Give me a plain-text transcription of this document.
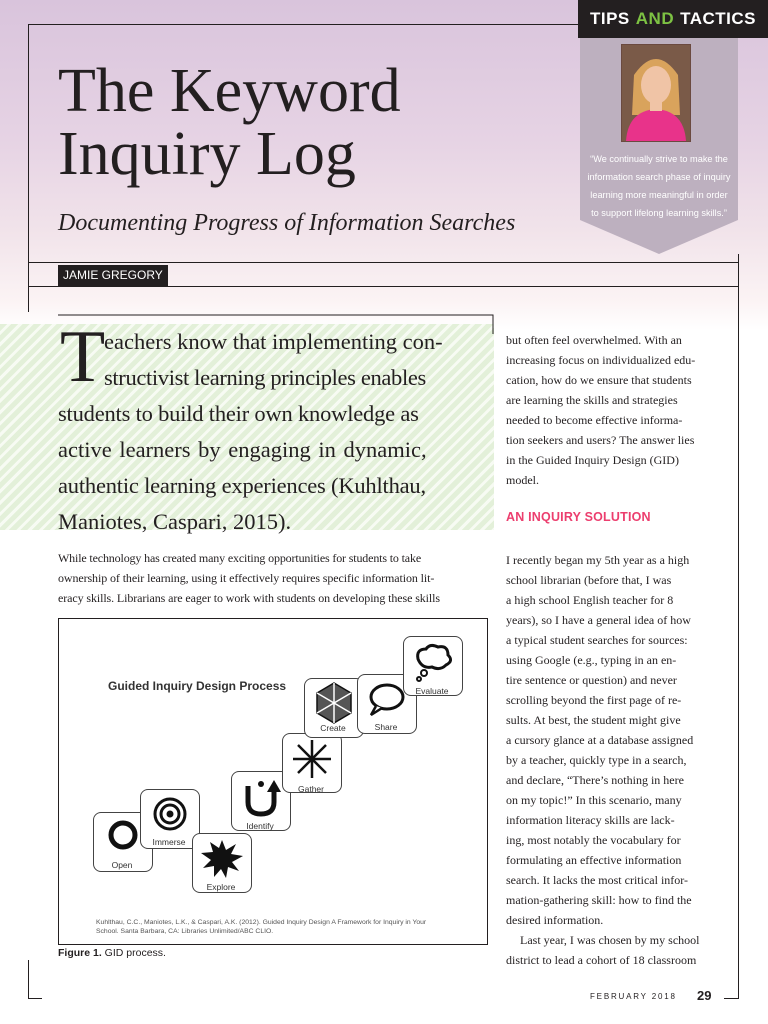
TIPS AND TACTICS
“We continually strive to make the information search phase of inquiry learning more meaningful in order to support lifelong learning skills.”
The Keyword
Inquiry Log
Documenting Progress of Information Searches
JAMIE GREGORY
T
eachers know that implementing con-
structivist learning principles enables
students to build their own knowledge as
active learners by engaging in dynamic,
authentic learning experiences (Kuhlthau,
Maniotes, Caspari, 2015).
While technology has created many exciting opportunities for students to take
ownership of their learning, using it effectively requires specific information lit-
eracy skills. Librarians are eager to work with students on developing these skills
but often feel overwhelmed. With an
increasing focus on individualized edu-
cation, how do we ensure that students
are learning the skills and strategies
needed to become effective informa-
tion seekers and users? The answer lies
in the Guided Inquiry Design (GID)
model.
AN INQUIRY SOLUTION
I recently began my 5th year as a high
school librarian (before that, I was
a high school English teacher for 8
years), so I have a general idea of how
a typical student searches for sources:
using Google (e.g., typing in an en-
tire sentence or question) and never
scrolling beyond the first page of re-
sults. At best, the student might give
a cursory glance at a database assigned
by a teacher, quickly type in a search,
and declare, “There’s nothing in here
on my topic!” In this scenario, many
information literacy skills are lack-
ing, most notably the vocabulary for
formulating an effective information
search. It lacks the most critical infor-
mation-gathering skill: how to find the
desired information.
Last year, I was chosen by my school
district to lead a cohort of 18 classroom
Guided Inquiry Design Process
Open
Immerse
Explore
Identify
Gather
Create	Share
Evaluate
Kuhlthau, C.C., Maniotes, L.K., & Caspari, A.K. (2012). Guided Inquiry Design A Framework for Inquiry in Your
School. Santa Barbara, CA: Libraries Unlimited/ABC CLIO.
Figure 1. GID process.
FEBRUARY 2018 29
